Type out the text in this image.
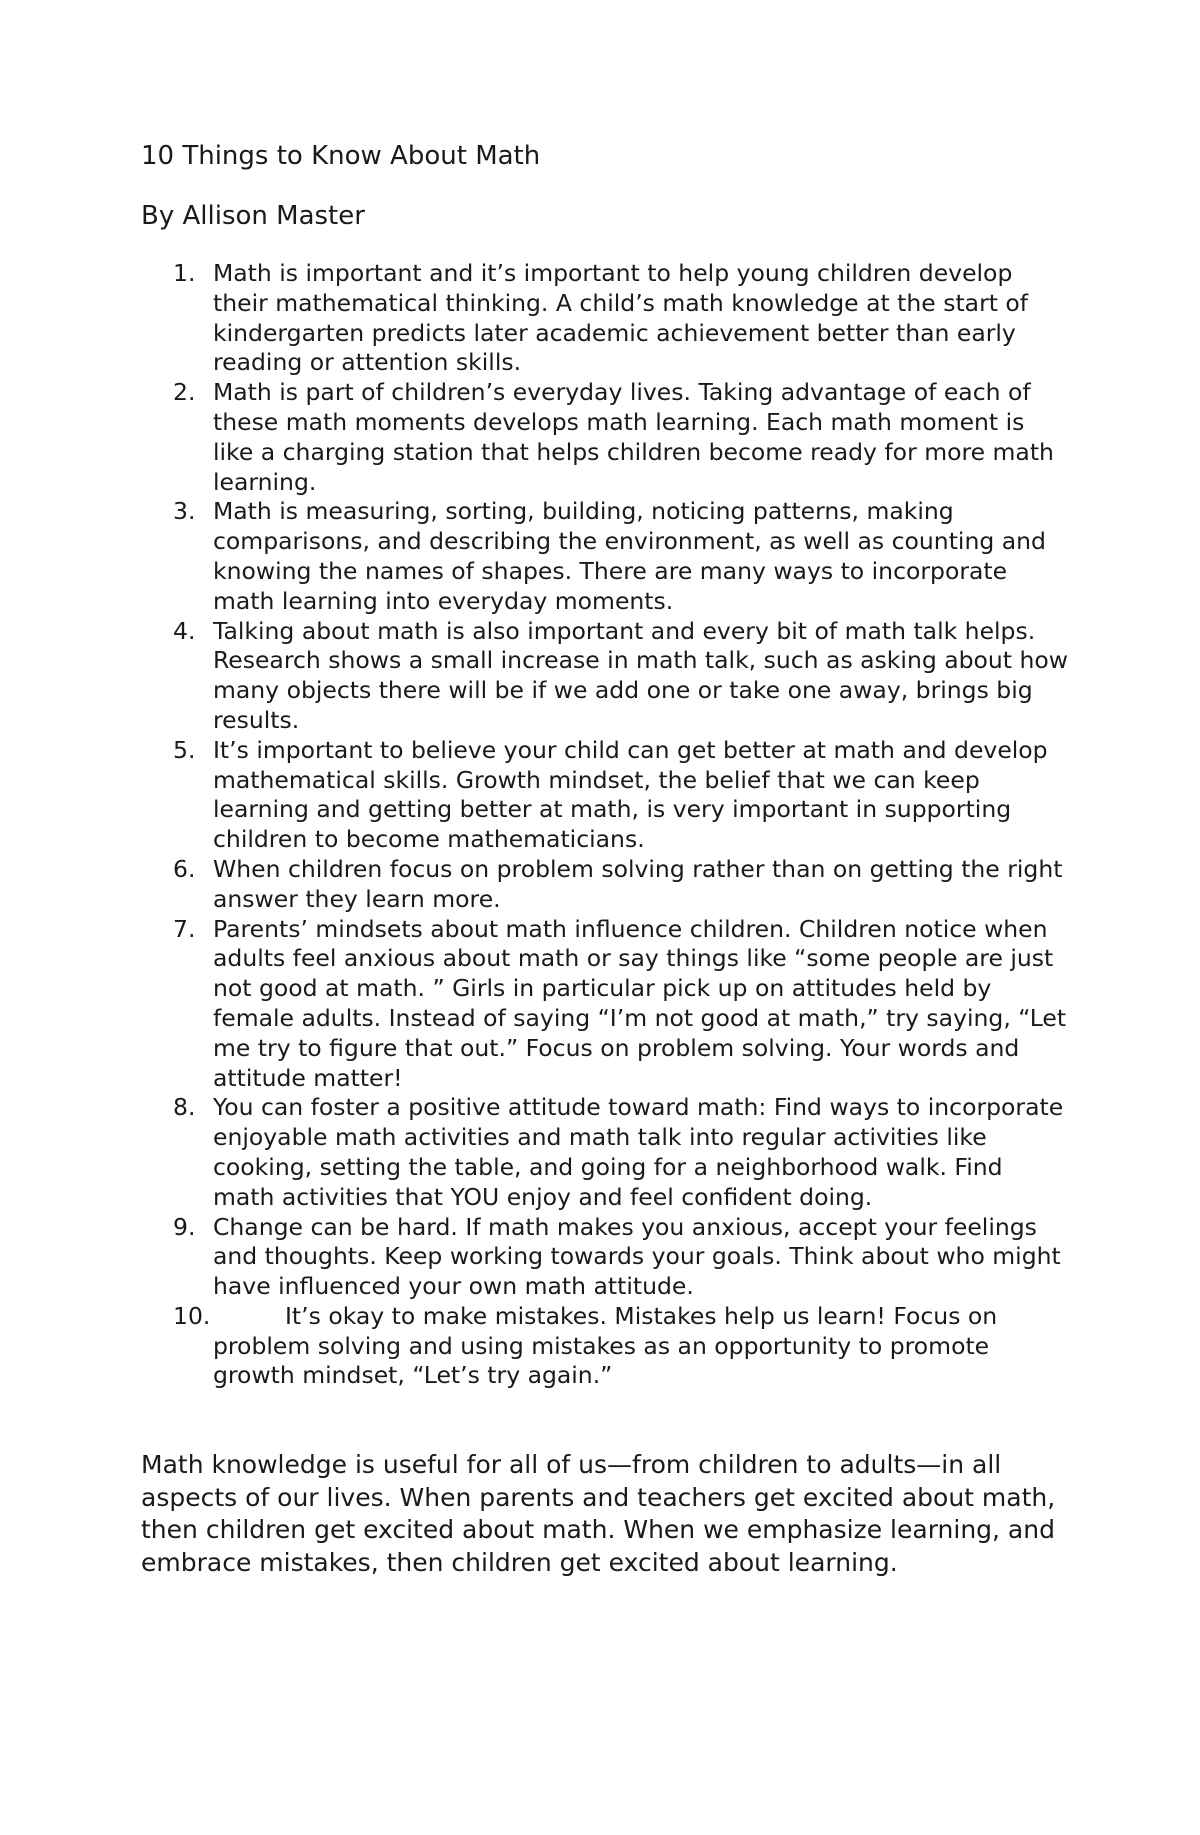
10 Things to Know About Math

By Allison Master

1. Math is important and it’s important to help young children develop their mathematical thinking. A child’s math knowledge at the start of kindergarten predicts later academic achievement better than early reading or attention skills.
2. Math is part of children’s everyday lives. Taking advantage of each of these math moments develops math learning. Each math moment is like a charging station that helps children become ready for more math learning.
3. Math is measuring, sorting, building, noticing patterns, making comparisons, and describing the environment, as well as counting and knowing the names of shapes. There are many ways to incorporate math learning into everyday moments.
4. Talking about math is also important and every bit of math talk helps. Research shows a small increase in math talk, such as asking about how many objects there will be if we add one or take one away, brings big results.
5. It’s important to believe your child can get better at math and develop mathematical skills. Growth mindset, the belief that we can keep learning and getting better at math, is very important in supporting children to become mathematicians.
6. When children focus on problem solving rather than on getting the right answer they learn more.
7. Parents’ mindsets about math influence children. Children notice when adults feel anxious about math or say things like “some people are just not good at math. ” Girls in particular pick up on attitudes held by female adults. Instead of saying “I’m not good at math,” try saying, “Let me try to figure that out.” Focus on problem solving. Your words and attitude matter!
8. You can foster a positive attitude toward math: Find ways to incorporate enjoyable math activities and math talk into regular activities like cooking, setting the table, and going for a neighborhood walk. Find math activities that YOU enjoy and feel confident doing.
9. Change can be hard. If math makes you anxious, accept your feelings and thoughts. Keep working towards your goals. Think about who might have influenced your own math attitude.
10.	It’s okay to make mistakes. Mistakes help us learn! Focus on problem solving and using mistakes as an opportunity to promote growth mindset, “Let’s try again.”

Math knowledge is useful for all of us—from children to adults—in all aspects of our lives. When parents and teachers get excited about math, then children get excited about math. When we emphasize learning, and embrace mistakes, then children get excited about learning.
